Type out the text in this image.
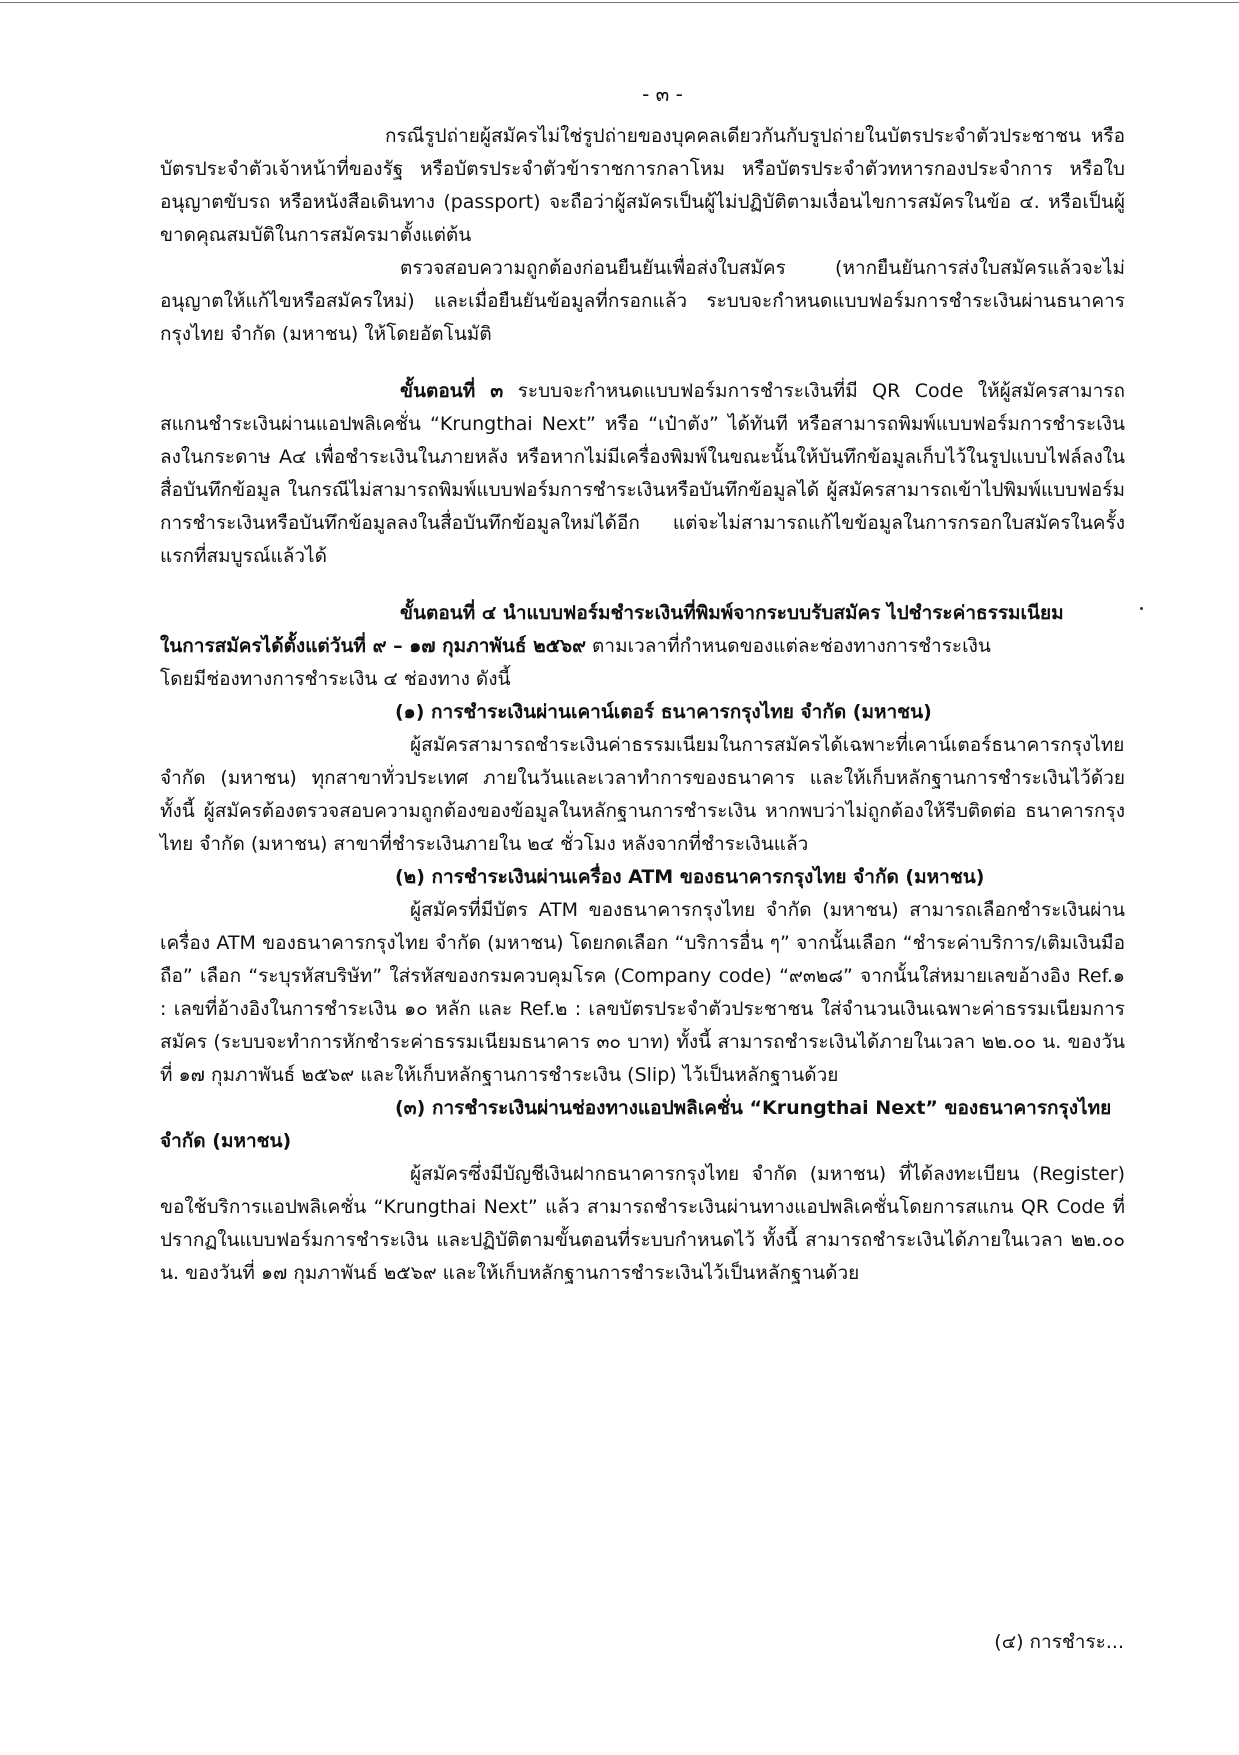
- ๓ -

กรณีรูปถ่ายผู้สมัครไม่ใช่รูปถ่ายของบุคคลเดียวกันกับรูปถ่ายในบัตรประจำตัวประชาชน หรือบัตรประจำตัวเจ้าหน้าที่ของรัฐ หรือบัตรประจำตัวข้าราชการกลาโหม หรือบัตรประจำตัวทหารกองประจำการ หรือใบอนุญาตขับรถ หรือหนังสือเดินทาง (passport) จะถือว่าผู้สมัครเป็นผู้ไม่ปฏิบัติตามเงื่อนไขการสมัครในข้อ ๔. หรือเป็นผู้ขาดคุณสมบัติในการสมัครมาตั้งแต่ต้น

ตรวจสอบความถูกต้องก่อนยืนยันเพื่อส่งใบสมัคร (หากยืนยันการส่งใบสมัครแล้วจะไม่อนุญาตให้แก้ไขหรือสมัครใหม่) และเมื่อยืนยันข้อมูลที่กรอกแล้ว ระบบจะกำหนดแบบฟอร์มการชำระเงินผ่านธนาคารกรุงไทย จำกัด (มหาชน) ให้โดยอัตโนมัติ

ขั้นตอนที่ ๓ ระบบจะกำหนดแบบฟอร์มการชำระเงินที่มี QR Code ให้ผู้สมัครสามารถสแกนชำระเงินผ่านแอปพลิเคชั่น “Krungthai Next” หรือ “เป๋าตัง” ได้ทันที หรือสามารถพิมพ์แบบฟอร์มการชำระเงินลงในกระดาษ A๔ เพื่อชำระเงินในภายหลัง หรือหากไม่มีเครื่องพิมพ์ในขณะนั้นให้บันทึกข้อมูลเก็บไว้ในรูปแบบไฟล์ลงในสื่อบันทึกข้อมูล ในกรณีไม่สามารถพิมพ์แบบฟอร์มการชำระเงินหรือบันทึกข้อมูลได้ ผู้สมัครสามารถเข้าไปพิมพ์แบบฟอร์มการชำระเงินหรือบันทึกข้อมูลลงในสื่อบันทึกข้อมูลใหม่ได้อีก แต่จะไม่สามารถแก้ไขข้อมูลในการกรอกใบสมัครในครั้งแรกที่สมบูรณ์แล้วได้

ขั้นตอนที่ ๔ นำแบบฟอร์มชำระเงินที่พิมพ์จากระบบรับสมัคร ไปชำระค่าธรรมเนียม

ในการสมัครได้ตั้งแต่วันที่ ๙ – ๑๗ กุมภาพันธ์ ๒๕๖๙ ตามเวลาที่กำหนดของแต่ละช่องทางการชำระเงิน

โดยมีช่องทางการชำระเงิน ๔ ช่องทาง ดังนี้

(๑) การชำระเงินผ่านเคาน์เตอร์ ธนาคารกรุงไทย จำกัด (มหาชน)

ผู้สมัครสามารถชำระเงินค่าธรรมเนียมในการสมัครได้เฉพาะที่เคาน์เตอร์ธนาคารกรุงไทย จำกัด (มหาชน) ทุกสาขาทั่วประเทศ ภายในวันและเวลาทำการของธนาคาร และให้เก็บหลักฐานการชำระเงินไว้ด้วย ทั้งนี้ ผู้สมัครต้องตรวจสอบความถูกต้องของข้อมูลในหลักฐานการชำระเงิน หากพบว่าไม่ถูกต้องให้รีบติดต่อ ธนาคารกรุงไทย จำกัด (มหาชน) สาขาที่ชำระเงินภายใน ๒๔ ชั่วโมง หลังจากที่ชำระเงินแล้ว

(๒) การชำระเงินผ่านเครื่อง ATM ของธนาคารกรุงไทย จำกัด (มหาชน)

ผู้สมัครที่มีบัตร ATM ของธนาคารกรุงไทย จำกัด (มหาชน) สามารถเลือกชำระเงินผ่านเครื่อง ATM ของธนาคารกรุงไทย จำกัด (มหาชน) โดยกดเลือก “บริการอื่น ๆ” จากนั้นเลือก “ชำระค่าบริการ/เติมเงินมือถือ” เลือก “ระบุรหัสบริษัท” ใส่รหัสของกรมควบคุมโรค (Company code) “๙๓๒๘” จากนั้นใส่หมายเลขอ้างอิง Ref.๑ : เลขที่อ้างอิงในการชำระเงิน ๑๐ หลัก และ Ref.๒ : เลขบัตรประจำตัวประชาชน ใส่จำนวนเงินเฉพาะค่าธรรมเนียมการสมัคร (ระบบจะทำการหักชำระค่าธรรมเนียมธนาคาร ๓๐ บาท) ทั้งนี้ สามารถชำระเงินได้ภายในเวลา ๒๒.๐๐ น. ของวันที่ ๑๗ กุมภาพันธ์ ๒๕๖๙ และให้เก็บหลักฐานการชำระเงิน (Slip) ไว้เป็นหลักฐานด้วย

(๓) การชำระเงินผ่านช่องทางแอปพลิเคชั่น “Krungthai Next” ของธนาคารกรุงไทย

จำกัด (มหาชน)

ผู้สมัครซึ่งมีบัญชีเงินฝากธนาคารกรุงไทย จำกัด (มหาชน) ที่ได้ลงทะเบียน (Register) ขอใช้บริการแอปพลิเคชั่น “Krungthai Next” แล้ว สามารถชำระเงินผ่านทางแอปพลิเคชั่นโดยการสแกน QR Code ที่ปรากฏในแบบฟอร์มการชำระเงิน และปฏิบัติตามขั้นตอนที่ระบบกำหนดไว้ ทั้งนี้ สามารถชำระเงินได้ภายในเวลา ๒๒.๐๐ น. ของวันที่ ๑๗ กุมภาพันธ์ ๒๕๖๙ และให้เก็บหลักฐานการชำระเงินไว้เป็นหลักฐานด้วย

(๔) การชำระ...
